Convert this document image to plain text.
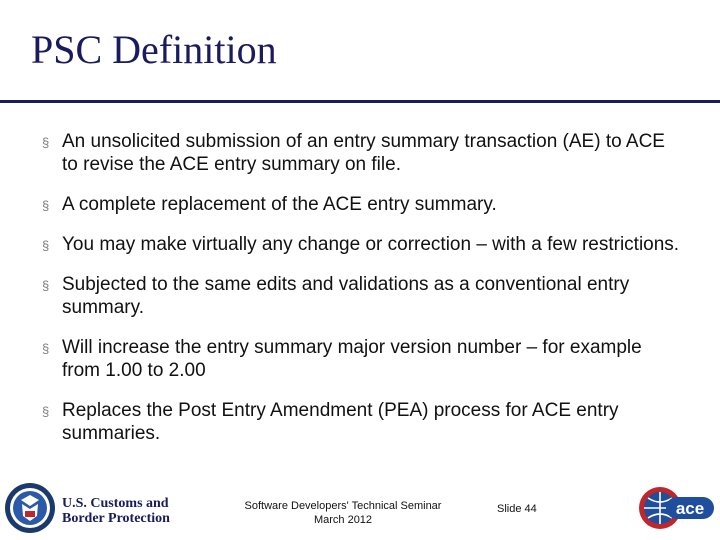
PSC Definition
§ An unsolicited submission of an entry summary transaction (AE) to ACE to revise the ACE entry summary on file.
§ A complete replacement of the ACE entry summary.
§ You may make virtually any change or correction – with a few restrictions.
§ Subjected to the same edits and validations as a conventional entry summary.
§ Will increase the entry summary major version number – for example from 1.00 to 2.00
§ Replaces the Post Entry Amendment (PEA) process for ACE entry summaries.
U.S. Customs and
Border Protection
Software Developers' Technical Seminar
March 2012
Slide 44	ace
